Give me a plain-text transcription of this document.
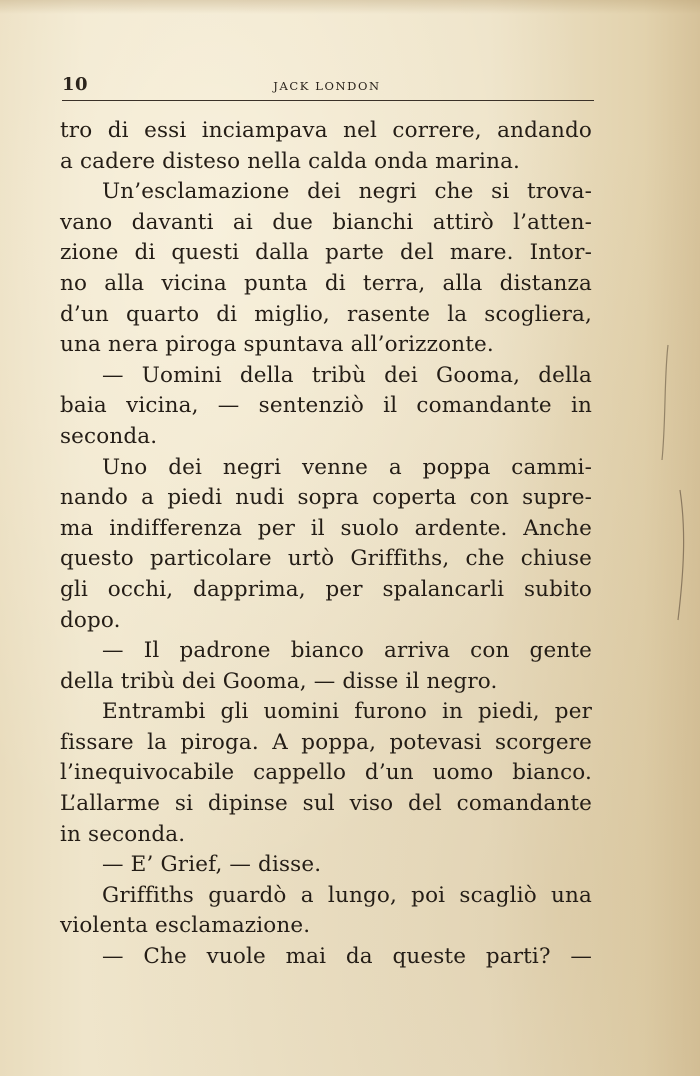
10	JACK LONDON
tro di essi inciampava nel correre, andando
a cadere disteso nella calda onda marina.
Un’esclamazione dei negri che si trova-
vano davanti ai due bianchi attirò l’atten-
zione di questi dalla parte del mare. Intor-
no alla vicina punta di terra, alla distanza
d’un quarto di miglio, rasente la scogliera,
una nera piroga spuntava all’orizzonte.
— Uomini della tribù dei Gooma, della
baia vicina, — sentenziò il comandante in
seconda.
Uno dei negri venne a poppa cammi-
nando a piedi nudi sopra coperta con supre-
ma indifferenza per il suolo ardente. Anche
questo particolare urtò Griffiths, che chiuse
gli occhi, dapprima, per spalancarli subito
dopo.
— Il padrone bianco arriva con gente
della tribù dei Gooma, — disse il negro.
Entrambi gli uomini furono in piedi, per
fissare la piroga. A poppa, potevasi scorgere
l’inequivocabile cappello d’un uomo bianco.
L’allarme si dipinse sul viso del comandante
in seconda.
— E’ Grief, — disse.
Griffiths guardò a lungo, poi scagliò una
violenta esclamazione.
— Che vuole mai da queste parti? —
